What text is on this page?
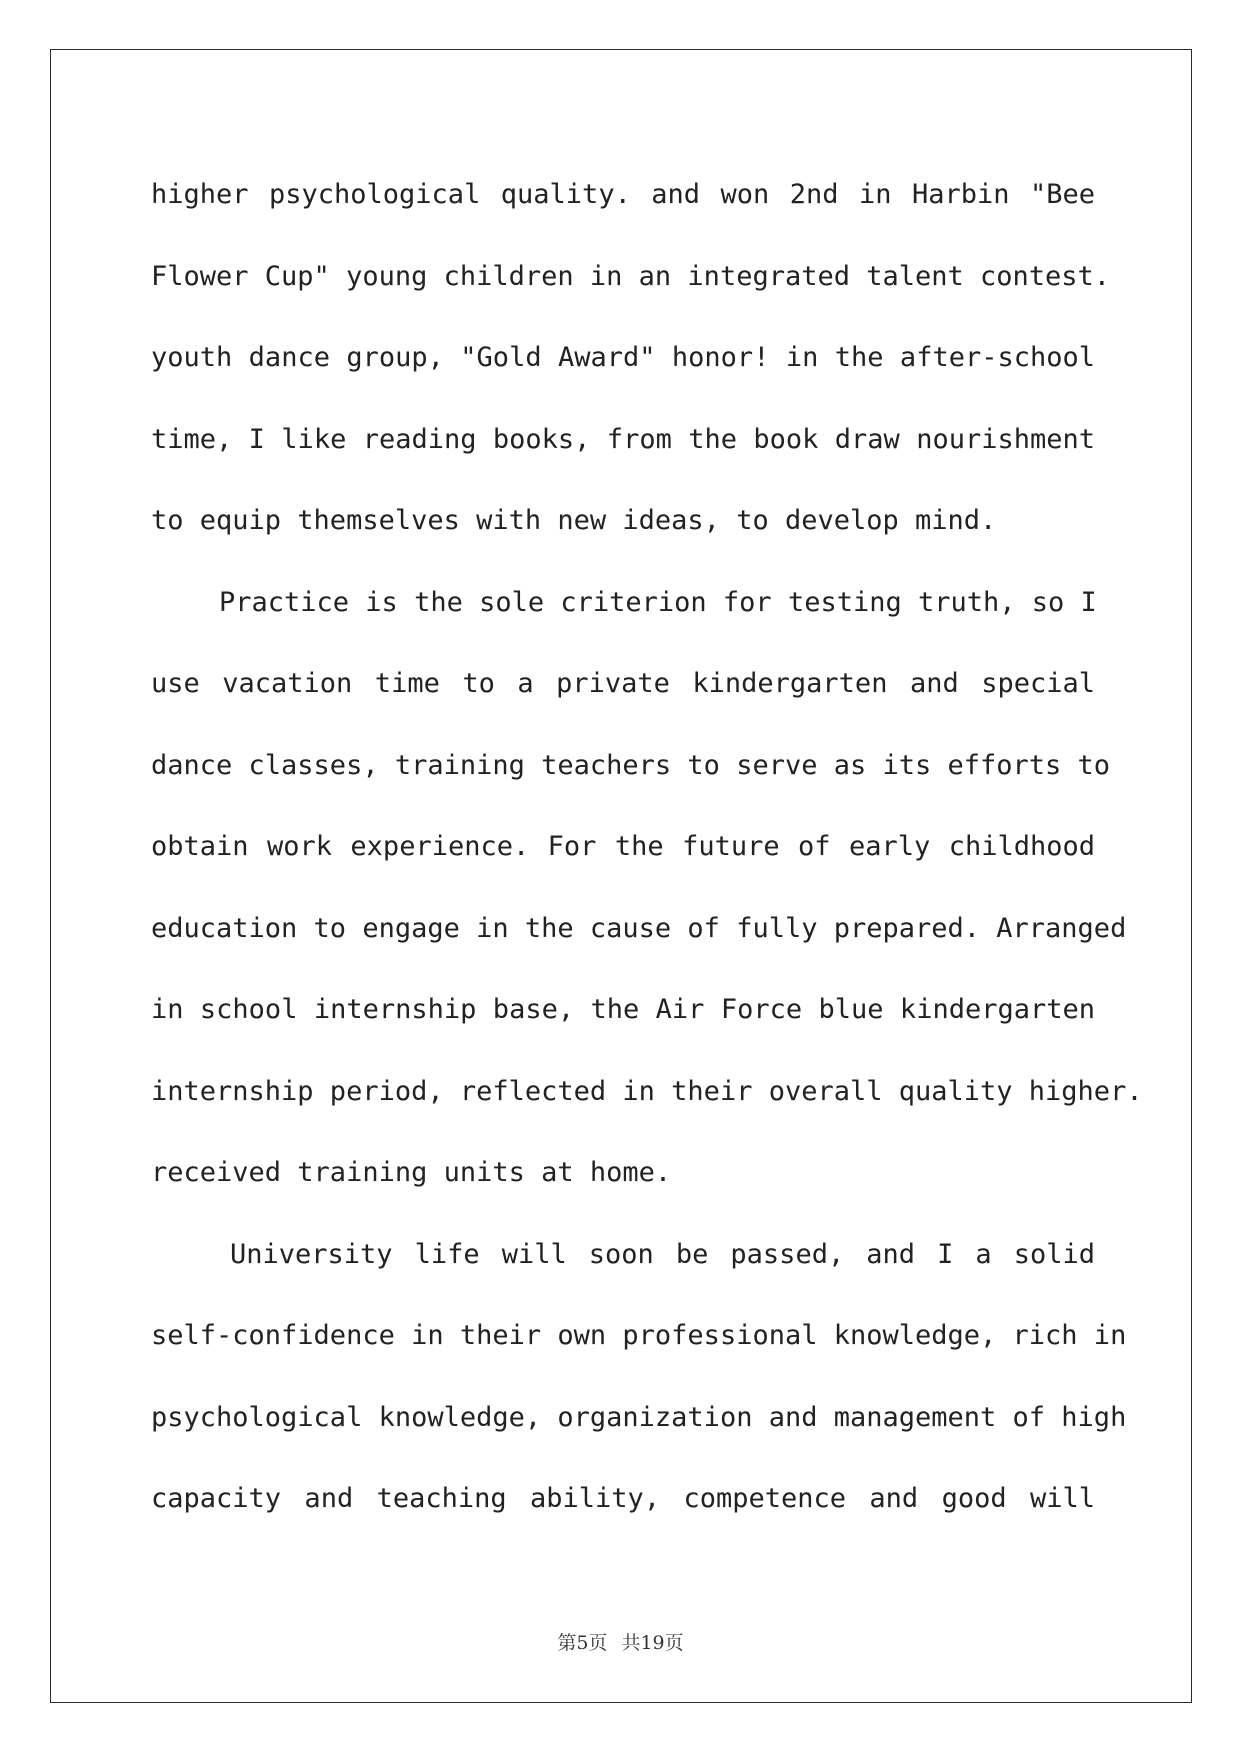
higher psychological quality. and won 2nd in Harbin "Bee
Flower Cup" young children in an integrated talent contest.
youth dance group, "Gold Award" honor! in the after-school
time, I like reading books, from the book draw nourishment
to equip themselves with new ideas, to develop mind.
Practice is the sole criterion for testing truth, so I
use vacation time to a private kindergarten and special
dance classes, training teachers to serve as its efforts to
obtain work experience. For the future of early childhood
education to engage in the cause of fully prepared. Arranged
in school internship base, the Air Force blue kindergarten
internship period, reflected in their overall quality higher.
received training units at home.
University life will soon be passed, and I a solid
self-confidence in their own professional knowledge, rich in
psychological knowledge, organization and management of high
capacity and teaching ability, competence and good will
第5页 共19页
